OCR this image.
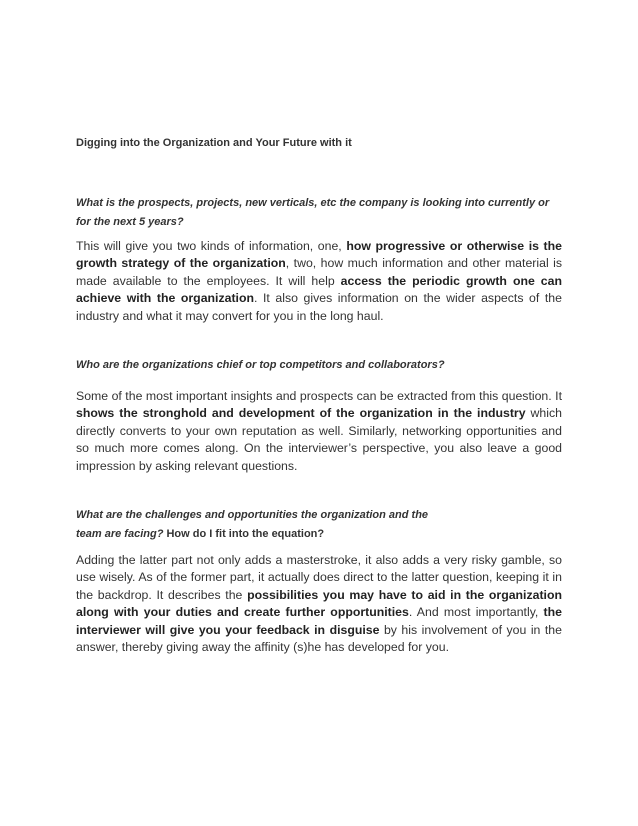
Digging into the Organization and Your Future with it
What is the prospects, projects, new verticals, etc the company is looking into currently or for the next 5 years?
This will give you two kinds of information, one, how progressive or otherwise is the growth strategy of the organization, two, how much information and other material is made available to the employees. It will help access the periodic growth one can achieve with the organization. It also gives information on the wider aspects of the industry and what it may convert for you in the long haul.
Who are the organizations chief or top competitors and collaborators?
Some of the most important insights and prospects can be extracted from this question. It shows the stronghold and development of the organization in the industry which directly converts to your own reputation as well. Similarly, networking opportunities and so much more comes along. On the interviewer’s perspective, you also leave a good impression by asking relevant questions.
What are the challenges and opportunities the organization and the team are facing? How do I fit into the equation?
Adding the latter part not only adds a masterstroke, it also adds a very risky gamble, so use wisely. As of the former part, it actually does direct to the latter question, keeping it in the backdrop. It describes the possibilities you may have to aid in the organization along with your duties and create further opportunities. And most importantly, the interviewer will give you your feedback in disguise by his involvement of you in the answer, thereby giving away the affinity (s)he has developed for you.
